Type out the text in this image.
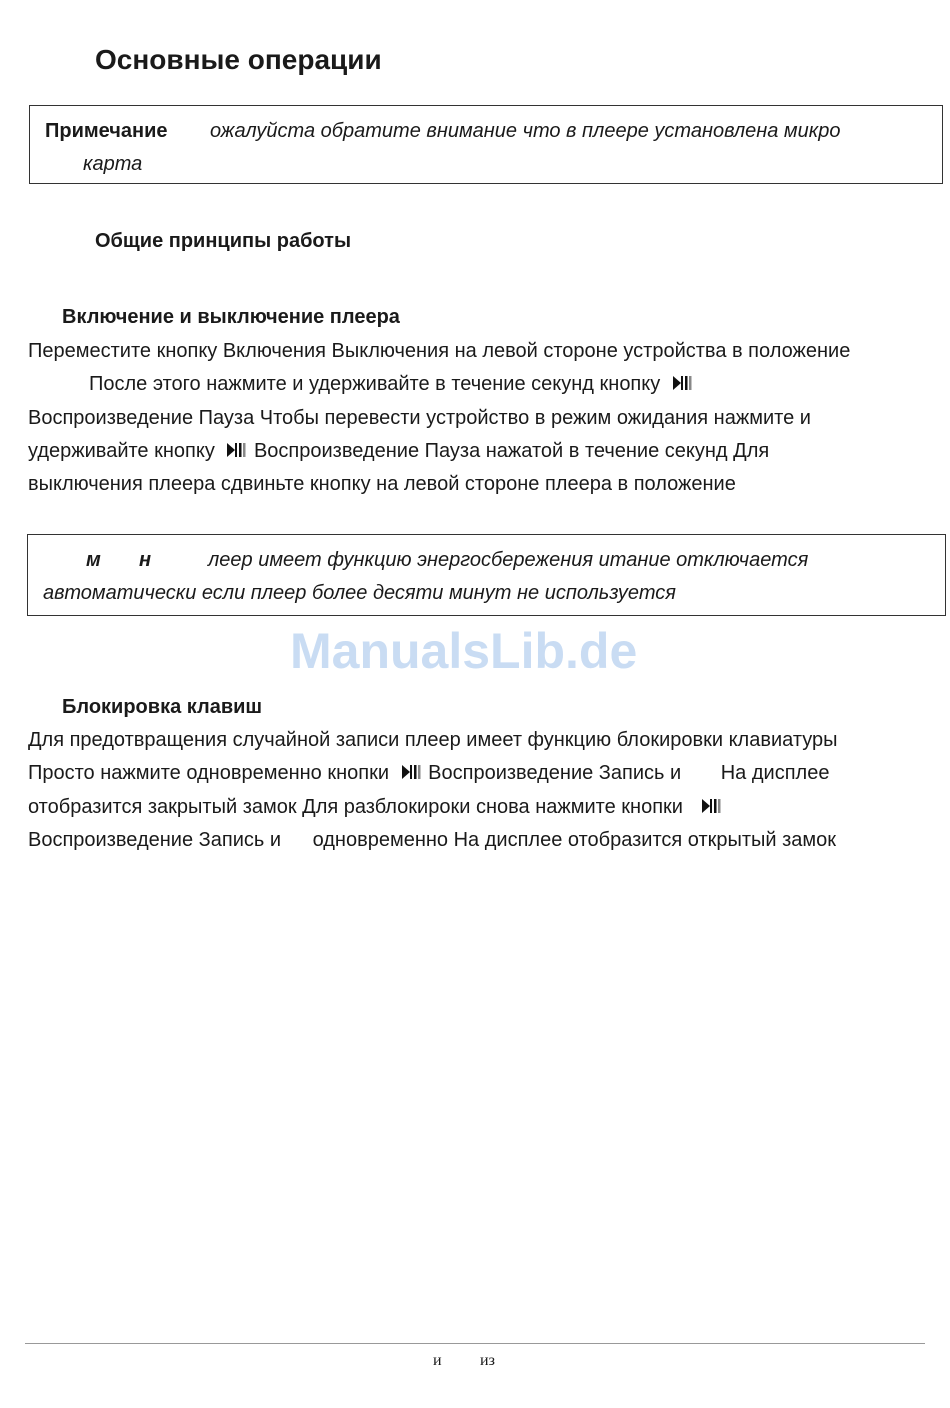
Основные операции
Примечание ожалуйста обратите внимание что в плеере установлена микро
карта
Общие принципы работы
Включение и выключение плеера
Переместите кнопку Включения Выключения на левой стороне устройства в положение
После этого нажмите и удерживайте в течение секунд кнопку
Воспроизведение Пауза Чтобы перевести устройство в режим ожидания нажмите и
удерживайте кнопку Воспроизведение Пауза нажатой в течение секунд Для
выключения плеера сдвиньте кнопку на левой стороне плеера в положение
м н	леер имеет функцию энергосбережения итание отключается
автоматически если плеер более десяти минут не используется
ManualsLib.de
Блокировка клавиш
Для предотвращения случайной записи плеер имеет функцию блокировки клавиатуры
Просто нажмите одновременно кнопки Воспроизведение Запись и На дисплее
отобразится закрытый замок Для разблокироки снова нажмите кнопки
Воспроизведение Запись и одновременно На дисплее отобразится открытый замок
и из
